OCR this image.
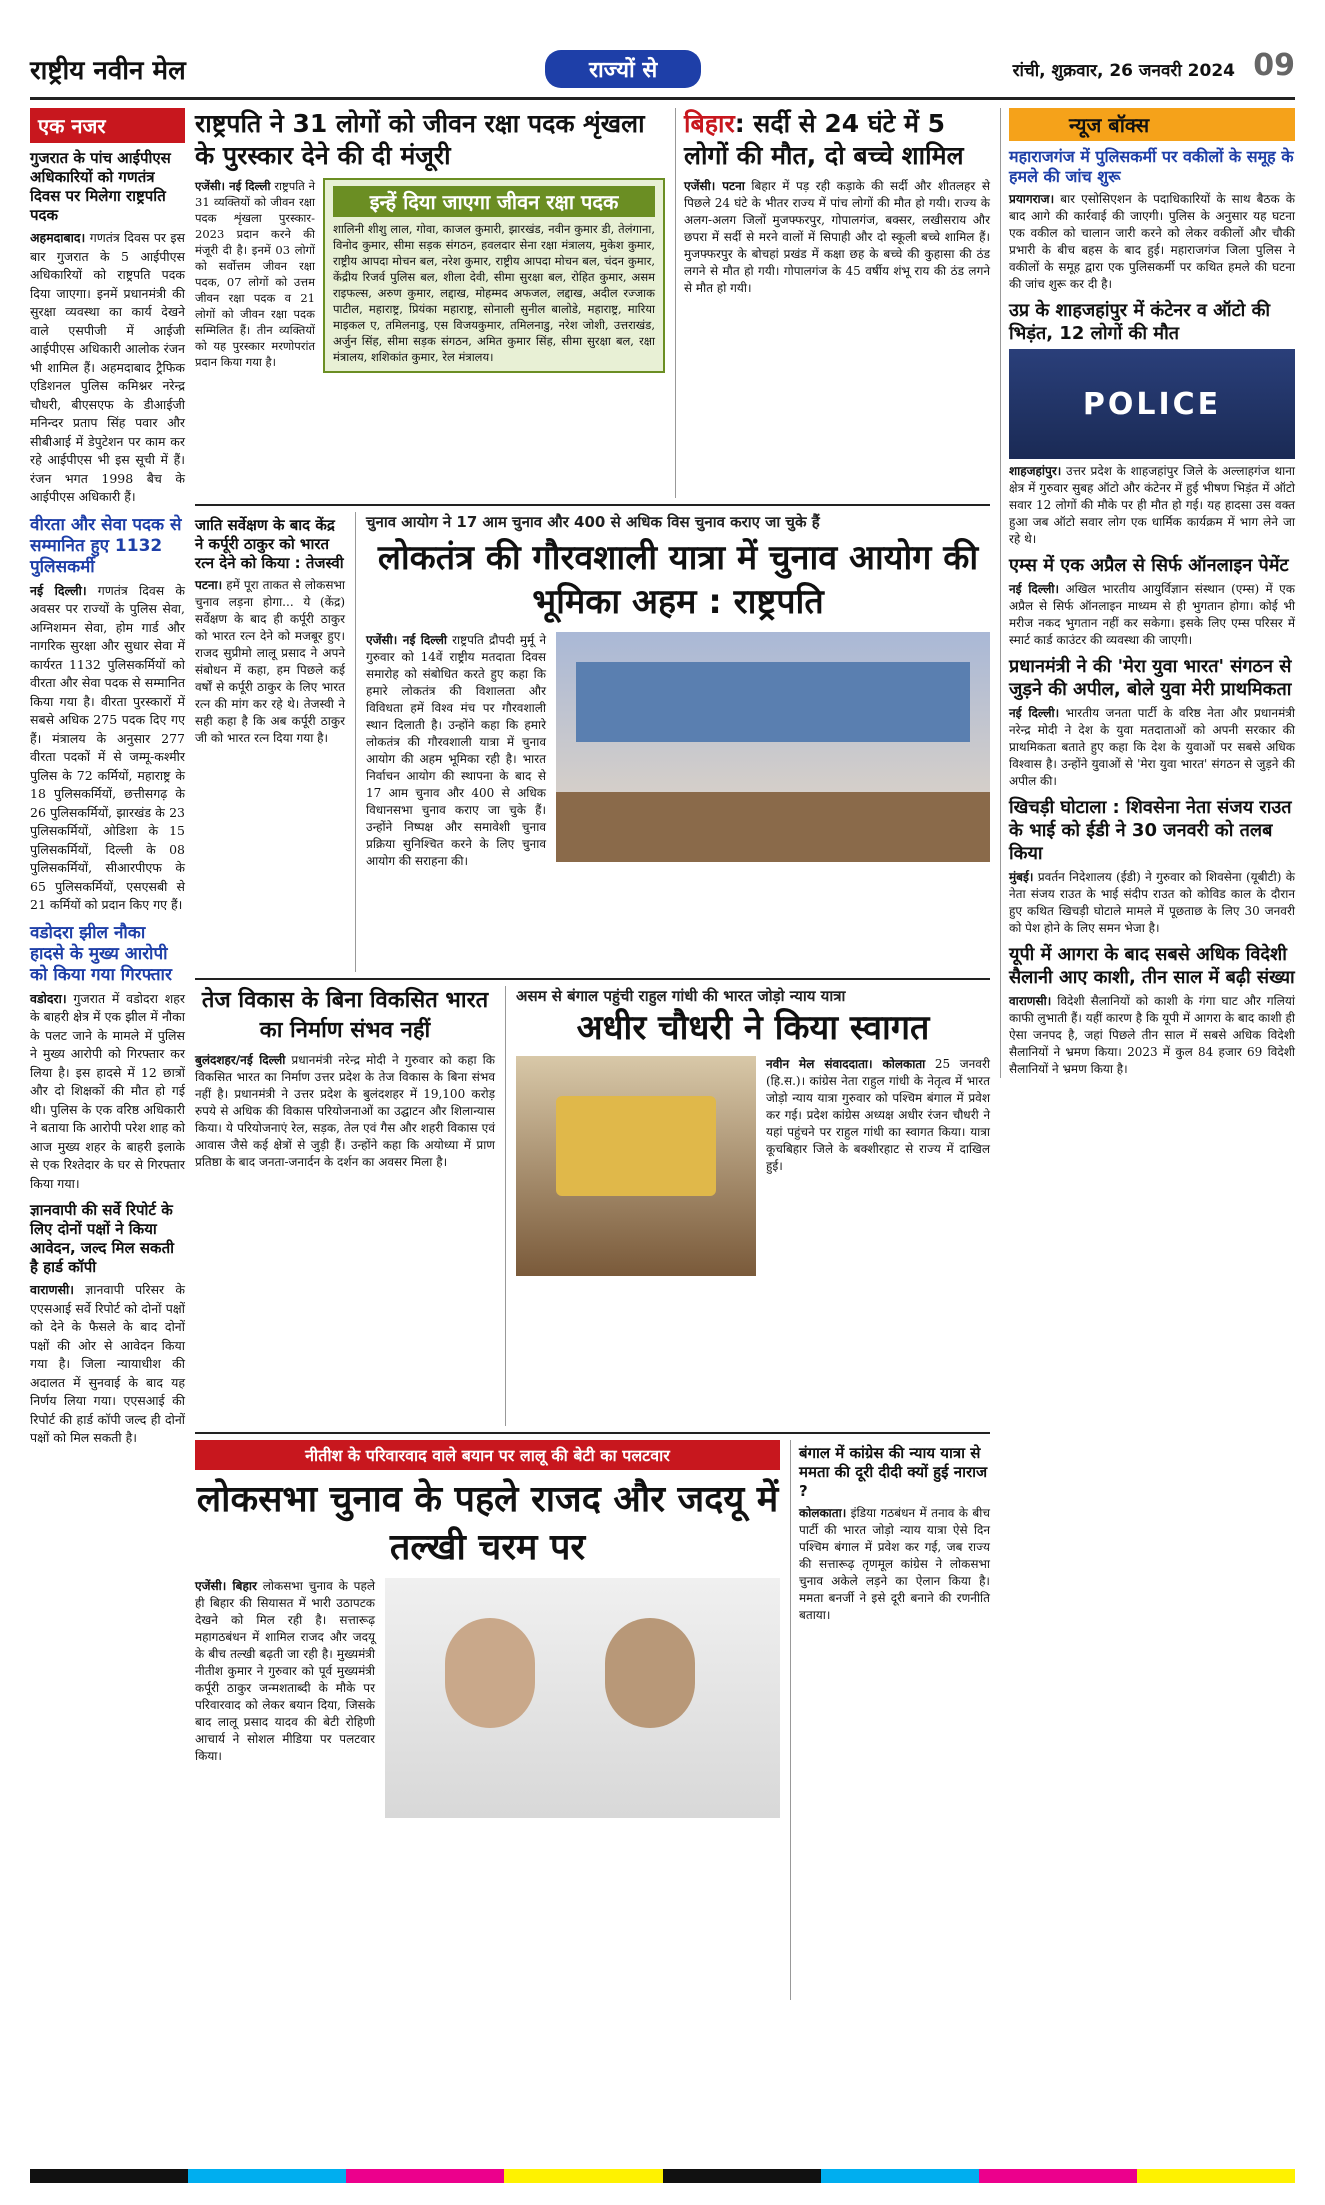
राष्ट्रीय नवीन मेल	राज्यों से	रांची, शुक्रवार, 26 जनवरी 2024 09
एक नजर
गुजरात के पांच आईपीएस अधिकारियों को गणतंत्र दिवस पर मिलेगा राष्ट्रपति पदक
अहमदाबाद। गणतंत्र दिवस पर इस बार गुजरात के 5 आईपीएस अधिकारियों को राष्ट्रपति पदक दिया जाएगा। इनमें प्रधानमंत्री की सुरक्षा व्यवस्था का कार्य देखने वाले एसपीजी में आईजी आईपीएस अधिकारी आलोक रंजन भी शामिल हैं। अहमदाबाद ट्रैफिक एडिशनल पुलिस कमिश्नर नरेन्द्र चौधरी, बीएसएफ के डीआईजी मनिन्दर प्रताप सिंह पवार और सीबीआई में डेपुटेशन पर काम कर रहे आईपीएस भी इस सूची में हैं। रंजन भगत 1998 बैच के आईपीएस अधिकारी हैं।
वीरता और सेवा पदक से सम्मानित हुए 1132 पुलिसकर्मी
नई दिल्ली। गणतंत्र दिवस के अवसर पर राज्यों के पुलिस सेवा, अग्निशमन सेवा, होम गार्ड और नागरिक सुरक्षा और सुधार सेवा में कार्यरत 1132 पुलिसकर्मियों को वीरता और सेवा पदक से सम्मानित किया गया है। वीरता पुरस्कारों में सबसे अधिक 275 पदक दिए गए हैं। मंत्रालय के अनुसार 277 वीरता पदकों में से जम्मू-कश्मीर पुलिस के 72 कर्मियों, महाराष्ट्र के 18 पुलिसकर्मियों, छत्तीसगढ़ के 26 पुलिसकर्मियों, झारखंड के 23 पुलिसकर्मियों, ओडिशा के 15 पुलिसकर्मियों, दिल्ली के 08 पुलिसकर्मियों, सीआरपीएफ के 65 पुलिसकर्मियों, एसएसबी से 21 कर्मियों को प्रदान किए गए हैं।
वडोदरा झील नौका हादसे के मुख्य आरोपी को किया गया गिरफ्तार
वडोदरा। गुजरात में वडोदरा शहर के बाहरी क्षेत्र में एक झील में नौका के पलट जाने के मामले में पुलिस ने मुख्य आरोपी को गिरफ्तार कर लिया है। इस हादसे में 12 छात्रों और दो शिक्षकों की मौत हो गई थी। पुलिस के एक वरिष्ठ अधिकारी ने बताया कि आरोपी परेश शाह को आज मुख्य शहर के बाहरी इलाके से एक रिश्तेदार के घर से गिरफ्तार किया गया।
ज्ञानवापी की सर्वे रिपोर्ट के लिए दोनों पक्षों ने किया आवेदन, जल्द मिल सकती है हार्ड कॉपी
वाराणसी। ज्ञानवापी परिसर के एएसआई सर्वे रिपोर्ट को दोनों पक्षों को देने के फैसले के बाद दोनों पक्षों की ओर से आवेदन किया गया है। जिला न्यायाधीश की अदालत में सुनवाई के बाद यह निर्णय लिया गया। एएसआई की रिपोर्ट की हार्ड कॉपी जल्द ही दोनों पक्षों को मिल सकती है।
राष्ट्रपति ने 31 लोगों को जीवन रक्षा पदक शृंखला के पुरस्कार देने की दी मंजूरी
एजेंसी। नई दिल्ली राष्ट्रपति ने 31 व्यक्तियों को जीवन रक्षा पदक शृंखला पुरस्कार- 2023 प्रदान करने की मंजूरी दी है। इनमें 03 लोगों को सर्वोत्तम जीवन रक्षा पदक, 07 लोगों को उत्तम जीवन रक्षा पदक व 21 लोगों को जीवन रक्षा पदक सम्मिलित हैं। तीन व्यक्तियों को यह पुरस्कार मरणोपरांत प्रदान किया गया है।
इन्हें दिया जाएगा जीवन रक्षा पदक
शालिनी शीशु लाल, गोवा, काजल कुमारी, झारखंड, नवीन कुमार डी, तेलंगाना, विनोद कुमार, सीमा सड़क संगठन, हवलदार सेना रक्षा मंत्रालय, मुकेश कुमार, राष्ट्रीय आपदा मोचन बल, नरेश कुमार, राष्ट्रीय आपदा मोचन बल, चंदन कुमार, केंद्रीय रिजर्व पुलिस बल, शीला देवी, सीमा सुरक्षा बल, रोहित कुमार, असम राइफल्स, अरुण कुमार, लद्दाख, मोहम्मद अफजल, लद्दाख, अदील रज्जाक पाटील, महाराष्ट्र, प्रियंका महाराष्ट्र, सोनाली सुनील बालोडे, महाराष्ट्र, मारिया माइकल ए, तमिलनाडु, एस विजयकुमार, तमिलनाडु, नरेश जोशी, उत्तराखंड, अर्जुन सिंह, सीमा सड़क संगठन, अमित कुमार सिंह, सीमा सुरक्षा बल, रक्षा मंत्रालय, शशिकांत कुमार, रेल मंत्रालय।
बिहार: सर्दी से 24 घंटे में 5 लोगों की मौत, दो बच्चे शामिल
एजेंसी। पटना बिहार में पड़ रही कड़ाके की सर्दी और शीतलहर से पिछले 24 घंटे के भीतर राज्य में पांच लोगों की मौत हो गयी। राज्य के अलग-अलग जिलों मुजफ्फरपुर, गोपालगंज, बक्सर, लखीसराय और छपरा में सर्दी से मरने वालों में सिपाही और दो स्कूली बच्चे शामिल हैं। मुजफ्फरपुर के बोचहां प्रखंड में कक्षा छह के बच्चे की कुहासा की ठंड लगने से मौत हो गयी। गोपालगंज के 45 वर्षीय शंभू राय की ठंड लगने से मौत हो गयी।
जाति सर्वेक्षण के बाद केंद्र ने कर्पूरी ठाकुर को भारत रत्न देने को किया : तेजस्वी
पटना। हमें पूरा ताकत से लोकसभा चुनाव लड़ना होगा... ये (केंद्र) सर्वेक्षण के बाद ही कर्पूरी ठाकुर को भारत रत्न देने को मजबूर हुए। राजद सुप्रीमो लालू प्रसाद ने अपने संबोधन में कहा, हम पिछले कई वर्षों से कर्पूरी ठाकुर के लिए भारत रत्न की मांग कर रहे थे। तेजस्वी ने सही कहा है कि अब कर्पूरी ठाकुर जी को भारत रत्न दिया गया है।
चुनाव आयोग ने 17 आम चुनाव और 400 से अधिक विस चुनाव कराए जा चुके हैं
लोकतंत्र की गौरवशाली यात्रा में चुनाव आयोग की भूमिका अहम : राष्ट्रपति
एजेंसी। नई दिल्ली राष्ट्रपति द्रौपदी मुर्मू ने गुरुवार को 14वें राष्ट्रीय मतदाता दिवस समारोह को संबोधित करते हुए कहा कि हमारे लोकतंत्र की विशालता और विविधता हमें विश्व मंच पर गौरवशाली स्थान दिलाती है। उन्होंने कहा कि हमारे लोकतंत्र की गौरवशाली यात्रा में चुनाव आयोग की अहम भूमिका रही है। भारत निर्वाचन आयोग की स्थापना के बाद से 17 आम चुनाव और 400 से अधिक विधानसभा चुनाव कराए जा चुके हैं। उन्होंने निष्पक्ष और समावेशी चुनाव प्रक्रिया सुनिश्चित करने के लिए चुनाव आयोग की सराहना की।
तेज विकास के बिना विकसित भारत का निर्माण संभव नहीं
बुलंदशहर/नई दिल्ली प्रधानमंत्री नरेन्द्र मोदी ने गुरुवार को कहा कि विकसित भारत का निर्माण उत्तर प्रदेश के तेज विकास के बिना संभव नहीं है। प्रधानमंत्री ने उत्तर प्रदेश के बुलंदशहर में 19,100 करोड़ रुपये से अधिक की विकास परियोजनाओं का उद्घाटन और शिलान्यास किया। ये परियोजनाएं रेल, सड़क, तेल एवं गैस और शहरी विकास एवं आवास जैसे कई क्षेत्रों से जुड़ी हैं। उन्होंने कहा कि अयोध्या में प्राण प्रतिष्ठा के बाद जनता-जनार्दन के दर्शन का अवसर मिला है।
असम से बंगाल पहुंची राहुल गांधी की भारत जोड़ो न्याय यात्रा
अधीर चौधरी ने किया स्वागत
नवीन मेल संवाददाता। कोलकाता 25 जनवरी (हि.स.)। कांग्रेस नेता राहुल गांधी के नेतृत्व में भारत जोड़ो न्याय यात्रा गुरुवार को पश्चिम बंगाल में प्रवेश कर गई। प्रदेश कांग्रेस अध्यक्ष अधीर रंजन चौधरी ने यहां पहुंचने पर राहुल गांधी का स्वागत किया। यात्रा कूचबिहार जिले के बक्शीरहाट से राज्य में दाखिल हुई।
नीतीश के परिवारवाद वाले बयान पर लालू की बेटी का पलटवार
लोकसभा चुनाव के पहले राजद और जदयू में तल्खी चरम पर
एजेंसी। बिहार लोकसभा चुनाव के पहले ही बिहार की सियासत में भारी उठापटक देखने को मिल रही है। सत्तारूढ़ महागठबंधन में शामिल राजद और जदयू के बीच तल्खी बढ़ती जा रही है। मुख्यमंत्री नीतीश कुमार ने गुरुवार को पूर्व मुख्यमंत्री कर्पूरी ठाकुर जन्मशताब्दी के मौके पर परिवारवाद को लेकर बयान दिया, जिसके बाद लालू प्रसाद यादव की बेटी रोहिणी आचार्य ने सोशल मीडिया पर पलटवार किया।
बंगाल में कांग्रेस की न्याय यात्रा से ममता की दूरी दीदी क्यों हुई नाराज ?
कोलकाता। इंडिया गठबंधन में तनाव के बीच पार्टी की भारत जोड़ो न्याय यात्रा ऐसे दिन पश्चिम बंगाल में प्रवेश कर गई, जब राज्य की सत्तारूढ़ तृणमूल कांग्रेस ने लोकसभा चुनाव अकेले लड़ने का ऐलान किया है। ममता बनर्जी ने इसे दूरी बनाने की रणनीति बताया।
न्यूज बॉक्स
महाराजगंज में पुलिसकर्मी पर वकीलों के समूह के हमले की जांच शुरू
प्रयागराज। बार एसोसिएशन के पदाधिकारियों के साथ बैठक के बाद आगे की कार्रवाई की जाएगी। पुलिस के अनुसार यह घटना एक वकील को चालान जारी करने को लेकर वकीलों और चौकी प्रभारी के बीच बहस के बाद हुई। महाराजगंज जिला पुलिस ने वकीलों के समूह द्वारा एक पुलिसकर्मी पर कथित हमले की घटना की जांच शुरू कर दी है।
उप्र के शाहजहांपुर में कंटेनर व ऑटो की भिड़ंत, 12 लोगों की मौत
POLICE
शाहजहांपुर। उत्तर प्रदेश के शाहजहांपुर जिले के अल्लाहगंज थाना क्षेत्र में गुरुवार सुबह ऑटो और कंटेनर में हुई भीषण भिड़ंत में ऑटो सवार 12 लोगों की मौके पर ही मौत हो गई। यह हादसा उस वक्त हुआ जब ऑटो सवार लोग एक धार्मिक कार्यक्रम में भाग लेने जा रहे थे।
एम्स में एक अप्रैल से सिर्फ ऑनलाइन पेमेंट
नई दिल्ली। अखिल भारतीय आयुर्विज्ञान संस्थान (एम्स) में एक अप्रैल से सिर्फ ऑनलाइन माध्यम से ही भुगतान होगा। कोई भी मरीज नकद भुगतान नहीं कर सकेगा। इसके लिए एम्स परिसर में स्मार्ट कार्ड काउंटर की व्यवस्था की जाएगी।
प्रधानमंत्री ने की 'मेरा युवा भारत' संगठन से जुड़ने की अपील, बोले युवा मेरी प्राथमिकता
नई दिल्ली। भारतीय जनता पार्टी के वरिष्ठ नेता और प्रधानमंत्री नरेन्द्र मोदी ने देश के युवा मतदाताओं को अपनी सरकार की प्राथमिकता बताते हुए कहा कि देश के युवाओं पर सबसे अधिक विश्वास है। उन्होंने युवाओं से 'मेरा युवा भारत' संगठन से जुड़ने की अपील की।
खिचड़ी घोटाला : शिवसेना नेता संजय राउत के भाई को ईडी ने 30 जनवरी को तलब किया
मुंबई। प्रवर्तन निदेशालय (ईडी) ने गुरुवार को शिवसेना (यूबीटी) के नेता संजय राउत के भाई संदीप राउत को कोविड काल के दौरान हुए कथित खिचड़ी घोटाले मामले में पूछताछ के लिए 30 जनवरी को पेश होने के लिए समन भेजा है।
यूपी में आगरा के बाद सबसे अधिक विदेशी सैलानी आए काशी, तीन साल में बढ़ी संख्या
वाराणसी। विदेशी सैलानियों को काशी के गंगा घाट और गलियां काफी लुभाती हैं। यहीं कारण है कि यूपी में आगरा के बाद काशी ही ऐसा जनपद है, जहां पिछले तीन साल में सबसे अधिक विदेशी सैलानियों ने भ्रमण किया। 2023 में कुल 84 हजार 69 विदेशी सैलानियों ने भ्रमण किया है।
